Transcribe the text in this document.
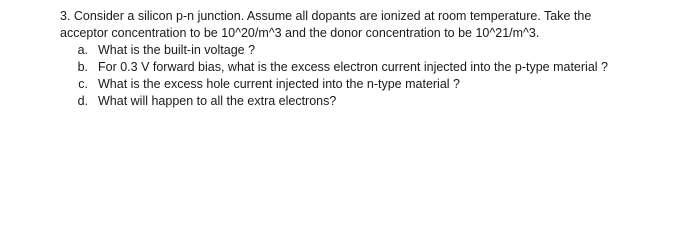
3. Consider a silicon p-n junction. Assume all dopants are ionized at room temperature. Take the
acceptor concentration to be 10^20/m^3 and the donor concentration to be 10^21/m^3.

a. What is the built-in voltage ?
b. For 0.3 V forward bias, what is the excess electron current injected into the p-type material ?
c. What is the excess hole current injected into the n-type material ?
d. What will happen to all the extra electrons?
